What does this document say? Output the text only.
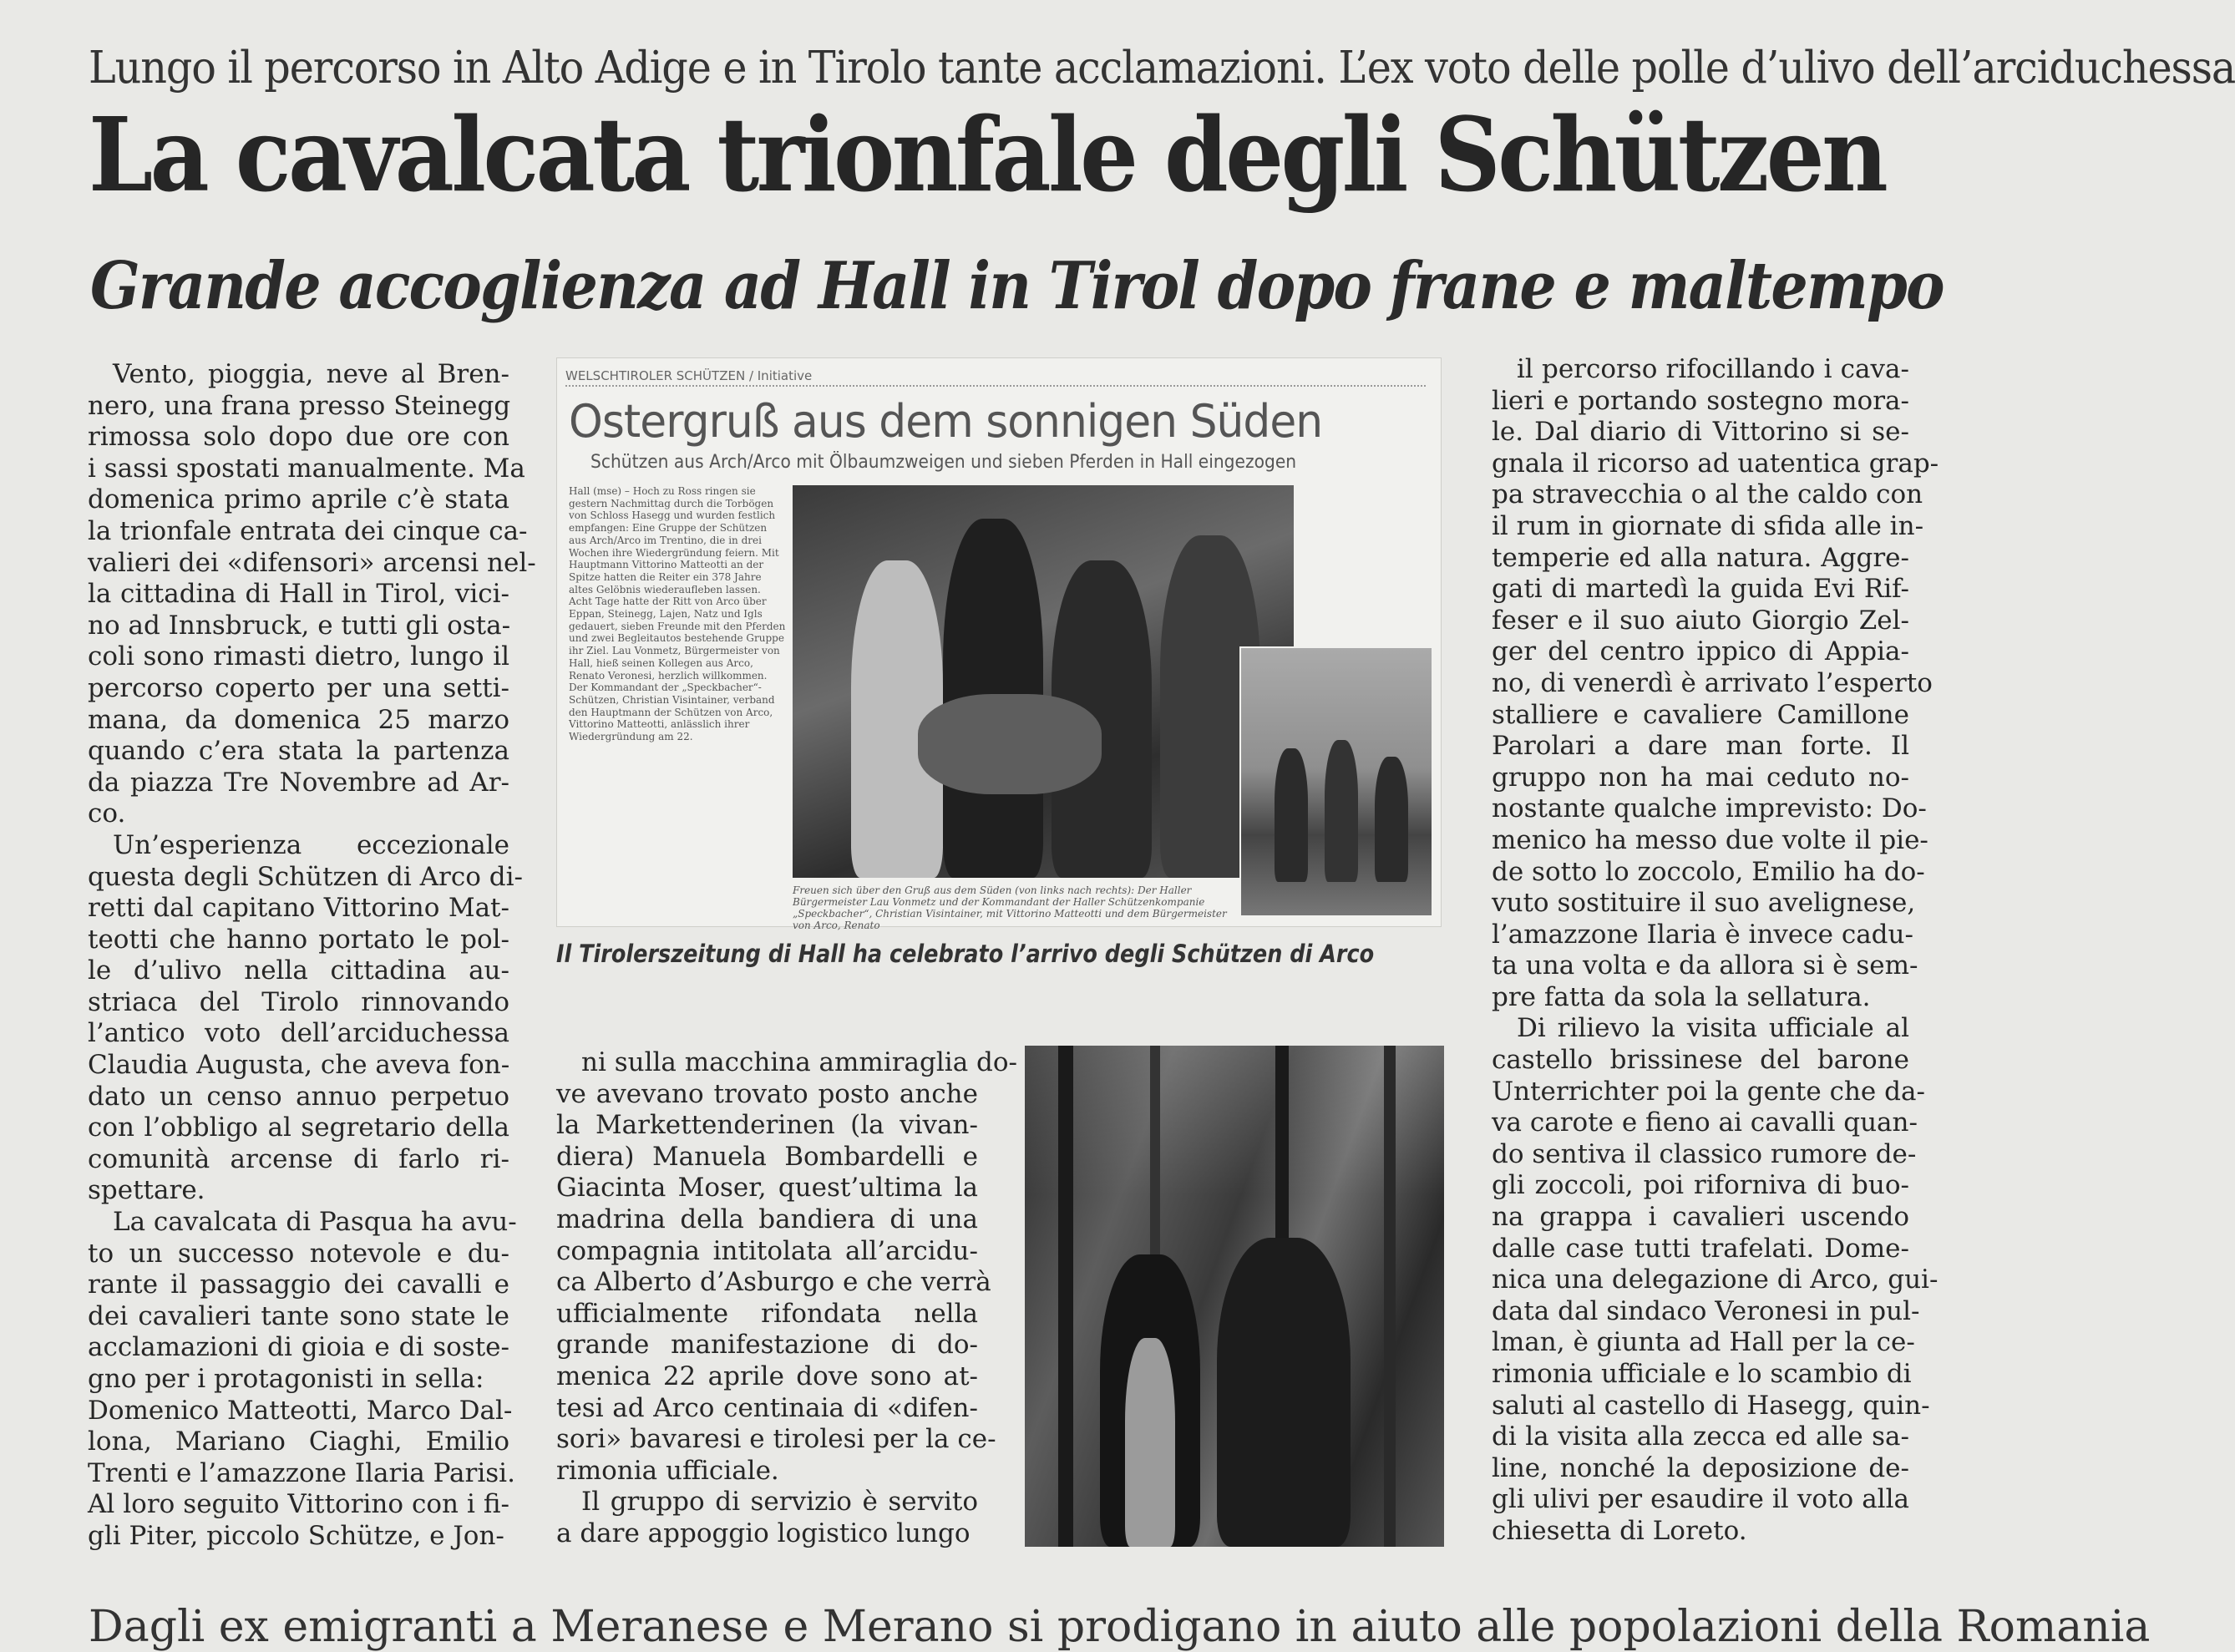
Lungo il percorso in Alto Adige e in Tirolo tante acclamazioni. L’ex voto delle polle d’ulivo dell’arciduchessa
La cavalcata trionfale degli Schützen
Grande accoglienza ad Hall in Tirol dopo frane e maltempo
Vento, pioggia, neve al Bren-
nero, una frana presso Steinegg
rimossa solo dopo due ore con
i sassi spostati manualmente. Ma
domenica primo aprile c’è stata
la trionfale entrata dei cinque ca-
valieri dei «difensori» arcensi nel-
la cittadina di Hall in Tirol, vici-
no ad Innsbruck, e tutti gli osta-
coli sono rimasti dietro, lungo il
percorso coperto per una setti-
mana, da domenica 25 marzo
quando c’era stata la partenza
da piazza Tre Novembre ad Ar-
co.
Un’esperienza eccezionale
questa degli Schützen di Arco di-
retti dal capitano Vittorino Mat-
teotti che hanno portato le pol-
le d’ulivo nella cittadina au-
striaca del Tirolo rinnovando
l’antico voto dell’arciduchessa
Claudia Augusta, che aveva fon-
dato un censo annuo perpetuo
con l’obbligo al segretario della
comunità arcense di farlo ri-
spettare.
La cavalcata di Pasqua ha avu-
to un successo notevole e du-
rante il passaggio dei cavalli e
dei cavalieri tante sono state le
acclamazioni di gioia e di soste-
gno per i protagonisti in sella:
Domenico Matteotti, Marco Dal-
lona, Mariano Ciaghi, Emilio
Trenti e l’amazzone Ilaria Parisi.
Al loro seguito Vittorino con i fi-
gli Piter, piccolo Schütze, e Jon-
WELSCHTIROLER SCHÜTZEN / Initiative
Ostergruß aus dem sonnigen Süden
Schützen aus Arch/Arco mit Ölbaumzweigen und sieben Pferden in Hall eingezogen
Hall (mse) – Hoch zu Ross ringen sie gestern Nachmittag durch die Torbögen von Schloss Hasegg und wurden festlich empfangen: Eine Gruppe der Schützen aus Arch/Arco im Trentino, die in drei Wochen ihre Wiedergründung feiern. Mit Hauptmann Vittorino Matteotti an der Spitze hatten die Reiter ein 378 Jahre altes Gelöbnis wiederaufleben lassen. Acht Tage hatte der Ritt von Arco über Eppan, Steinegg, Lajen, Natz und Igls gedauert, sieben Freunde mit den Pferden und zwei Begleitautos bestehende Gruppe ihr Ziel. Lau Vonmetz, Bürgermeister von Hall, hieß seinen Kollegen aus Arco, Renato Veronesi, herzlich willkommen. Der Kommandant der „Speckbacher“-Schützen, Christian Visintainer, verband den Hauptmann der Schützen von Arco, Vittorino Matteotti, anlässlich ihrer Wiedergründung am 22.
Freuen sich über den Gruß aus dem Süden (von links nach rechts): Der Haller Bürgermeister Lau Vonmetz und der Kommandant der Haller Schützenkompanie „Speckbacher“, Christian Visintainer, mit Vittorino Matteotti und dem Bürgermeister von Arco, Renato
Il Tirolerszeitung di Hall ha celebrato l’arrivo degli Schützen di Arco
ni sulla macchina ammiraglia do-
ve avevano trovato posto anche
la Markettenderinen (la vivan-
diera) Manuela Bombardelli e
Giacinta Moser, quest’ultima la
madrina della bandiera di una
compagnia intitolata all’arcidu-
ca Alberto d’Asburgo e che verrà
ufficialmente rifondata nella
grande manifestazione di do-
menica 22 aprile dove sono at-
tesi ad Arco centinaia di «difen-
sori» bavaresi e tirolesi per la ce-
rimonia ufficiale.
Il gruppo di servizio è servito
a dare appoggio logistico lungo
il percorso rifocillando i cava-
lieri e portando sostegno mora-
le. Dal diario di Vittorino si se-
gnala il ricorso ad uatentica grap-
pa stravecchia o al the caldo con
il rum in giornate di sfida alle in-
temperie ed alla natura. Aggre-
gati di martedì la guida Evi Rif-
feser e il suo aiuto Giorgio Zel-
ger del centro ippico di Appia-
no, di venerdì è arrivato l’esperto
stalliere e cavaliere Camillone
Parolari a dare man forte. Il
gruppo non ha mai ceduto no-
nostante qualche imprevisto: Do-
menico ha messo due volte il pie-
de sotto lo zoccolo, Emilio ha do-
vuto sostituire il suo avelignese,
l’amazzone Ilaria è invece cadu-
ta una volta e da allora si è sem-
pre fatta da sola la sellatura.
Di rilievo la visita ufficiale al
castello brissinese del barone
Unterrichter poi la gente che da-
va carote e fieno ai cavalli quan-
do sentiva il classico rumore de-
gli zoccoli, poi riforniva di buo-
na grappa i cavalieri uscendo
dalle case tutti trafelati. Dome-
nica una delegazione di Arco, gui-
data dal sindaco Veronesi in pul-
lman, è giunta ad Hall per la ce-
rimonia ufficiale e lo scambio di
saluti al castello di Hasegg, quin-
di la visita alla zecca ed alle sa-
line, nonché la deposizione de-
gli ulivi per esaudire il voto alla
chiesetta di Loreto.
Dagli ex emigranti a Meranese e Merano si prodigano in aiuto alle popolazioni della Romania
